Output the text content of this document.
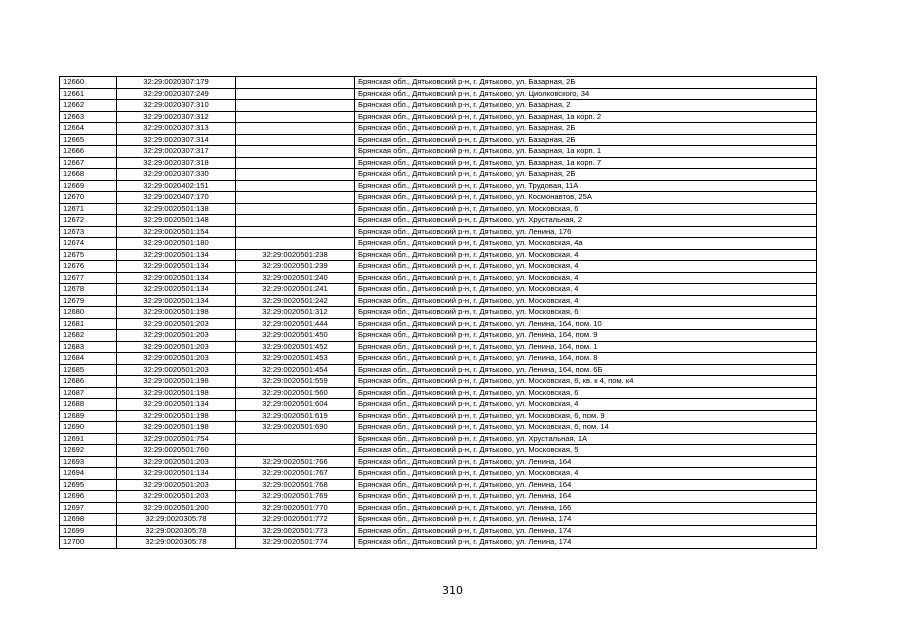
12660	32:29:0020307:179		Брянская обл., Дятьковский р-н, г. Дятьково, ул. Базарная, 2Б
12661	32:29:0020307:249		Брянская обл., Дятьковский р-н, г. Дятьково, ул. Циолковского, 34
12662	32:29:0020307:310		Брянская обл., Дятьковский р-н, г. Дятьково, ул. Базарная, 2
12663	32:29:0020307:312		Брянская обл., Дятьковский р-н, г. Дятьково, ул. Базарная, 1а корп. 2
12664	32:29:0020307:313		Брянская обл., Дятьковский р-н, г. Дятьково, ул. Базарная, 2Б
12665	32:29:0020307:314		Брянская обл., Дятьковский р-н, г. Дятьково, ул. Базарная, 2Б
12666	32:29:0020307:317		Брянская обл., Дятьковский р-н, г. Дятьково, ул. Базарная, 1а корп. 1
12667	32:29:0020307:318		Брянская обл., Дятьковский р-н, г. Дятьково, ул. Базарная, 1а корп. 7
12668	32:29:0020307:330		Брянская обл., Дятьковский р-н, г. Дятьково, ул. Базарная, 2Б
12669	32:29:0020402:151		Брянская обл., Дятьковский р-н, г. Дятьково, ул. Трудовая, 11А
12670	32:29:0020407:170		Брянская обл., Дятьковский р-н, г. Дятьково, ул. Космонавтов, 25А
12671	32:29:0020501:138		Брянская обл., Дятьковский р-н, г. Дятьково, ул. Московская, 6
12672	32:29:0020501:148		Брянская обл., Дятьковский р-н, г. Дятьково, ул. Хрустальная, 2
12673	32:29:0020501:154		Брянская обл., Дятьковский р-н, г. Дятьково, ул. Ленина, 176
12674	32:29:0020501:180		Брянская обл., Дятьковский р-н, г. Дятьково, ул. Московская, 4а
12675	32:29:0020501:134	32:29:0020501:238	Брянская обл., Дятьковский р-н, г. Дятьково, ул. Московская, 4
12676	32:29:0020501:134	32:29:0020501:239	Брянская обл., Дятьковский р-н, г. Дятьково, ул. Московская, 4
12677	32:29:0020501:134	32:29:0020501:240	Брянская обл., Дятьковский р-н, г. Дятьково, ул. Московская, 4
12678	32:29:0020501:134	32:29:0020501:241	Брянская обл., Дятьковский р-н, г. Дятьково, ул. Московская, 4
12679	32:29:0020501:134	32:29:0020501:242	Брянская обл., Дятьковский р-н, г. Дятьково, ул. Московская, 4
12680	32:29:0020501:198	32:29:0020501:312	Брянская обл., Дятьковский р-н, г. Дятьково, ул. Московская, 6
12681	32:29:0020501:203	32:29:0020501:444	Брянская обл., Дятьковский р-н, г. Дятьково, ул. Ленина, 164, пом. 10
12682	32:29:0020501:203	32:29:0020501:450	Брянская обл., Дятьковский р-н, г. Дятьково, ул. Ленина, 164, пом. 9
12683	32:29:0020501:203	32:29:0020501:452	Брянская обл., Дятьковский р-н, г. Дятьково, ул. Ленина, 164, пом. 1
12684	32:29:0020501:203	32:29:0020501:453	Брянская обл., Дятьковский р-н, г. Дятьково, ул. Ленина, 164, пом. 8
12685	32:29:0020501:203	32:29:0020501:454	Брянская обл., Дятьковский р-н, г. Дятьково, ул. Ленина, 164, пом. 6Б
12686	32:29:0020501:198	32:29:0020501:559	Брянская обл., Дятьковский р-н, г. Дятьково, ул. Московская, 6, кв. к 4, пом. к4
12687	32:29:0020501:198	32:29:0020501:560	Брянская обл., Дятьковский р-н, г. Дятьково, ул. Московская, 6
12688	32:29:0020501:134	32:29:0020501:604	Брянская обл., Дятьковский р-н, г. Дятьково, ул. Московская, 4
12689	32:29:0020501:198	32:29:0020501:619	Брянская обл., Дятьковский р-н, г. Дятьково, ул. Московская, 6, пом. 9
12690	32:29:0020501:198	32:29:0020501:690	Брянская обл., Дятьковский р-н, г. Дятьково, ул. Московская, 6, пом. 14
12691	32:29:0020501:754		Брянская обл., Дятьковский р-н, г. Дятьково, ул. Хрустальная, 1А
12692	32:29:0020501:760		Брянская обл., Дятьковский р-н, г. Дятьково, ул. Московская, 5
12693	32:29:0020501:203	32:29:0020501:766	Брянская обл., Дятьковский р-н, г. Дятьково, ул. Ленина, 164
12694	32:29:0020501:134	32:29:0020501:767	Брянская обл., Дятьковский р-н, г. Дятьково, ул. Московская, 4
12695	32:29:0020501:203	32:29:0020501:768	Брянская обл., Дятьковский р-н, г. Дятьково, ул. Ленина, 164
12696	32:29:0020501:203	32:29:0020501:769	Брянская обл., Дятьковский р-н, г. Дятьково, ул. Ленина, 164
12697	32:29:0020501:200	32:29:0020501:770	Брянская обл., Дятьковский р-н, г. Дятьково, ул. Ленина, 166
12698	32:29:0020305:78	32:29:0020501:772	Брянская обл., Дятьковский р-н, г. Дятьково, ул. Ленина, 174
12699	32:29:0020305:78	32:29:0020501:773	Брянская обл., Дятьковский р-н, г. Дятьково, ул. Ленина, 174
12700	32:29:0020305:78	32:29:0020501:774	Брянская обл., Дятьковский р-н, г. Дятьково, ул. Ленина, 174
310
